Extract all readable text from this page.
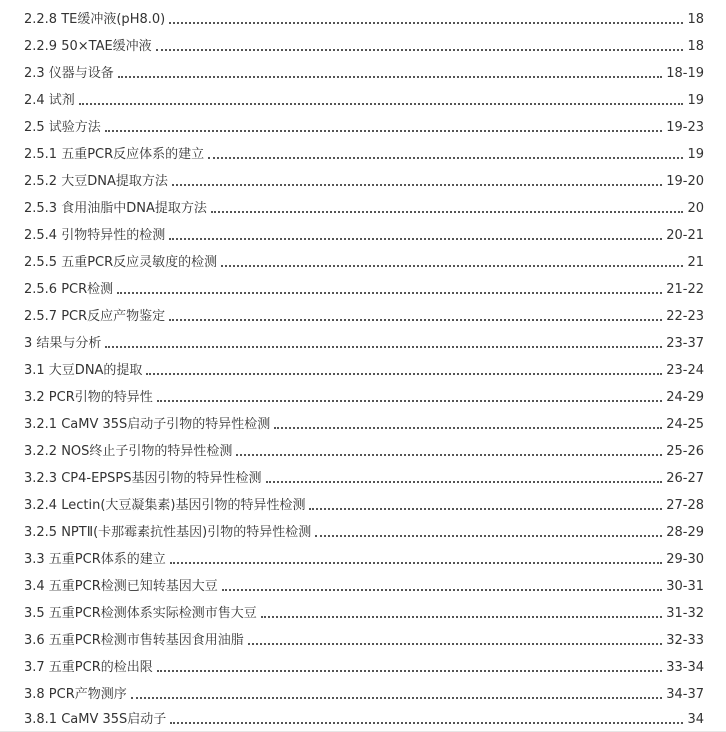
2.2.8 TE缓冲液(pH8.0)	18
2.2.9 50×TAE缓冲液	18
2.3 仪器与设备	18-19
2.4 试剂	19
2.5 试验方法	19-23
2.5.1 五重PCR反应体系的建立	19
2.5.2 大豆DNA提取方法	19-20
2.5.3 食用油脂中DNA提取方法	20
2.5.4 引物特异性的检测	20-21
2.5.5 五重PCR反应灵敏度的检测	21
2.5.6 PCR检测	21-22
2.5.7 PCR反应产物鉴定	22-23
3 结果与分析	23-37
3.1 大豆DNA的提取	23-24
3.2 PCR引物的特异性	24-29
3.2.1 CaMV 35S启动子引物的特异性检测	24-25
3.2.2 NOS终止子引物的特异性检测	25-26
3.2.3 CP4-EPSPS基因引物的特异性检测	26-27
3.2.4 Lectin(大豆凝集素)基因引物的特异性检测	27-28
3.2.5 NPTⅡ(卡那霉素抗性基因)引物的特异性检测	28-29
3.3 五重PCR体系的建立	29-30
3.4 五重PCR检测已知转基因大豆	30-31
3.5 五重PCR检测体系实际检测市售大豆	31-32
3.6 五重PCR检测市售转基因食用油脂	32-33
3.7 五重PCR的检出限	33-34
3.8 PCR产物测序	34-37
3.8.1 CaMV 35S启动子	34
